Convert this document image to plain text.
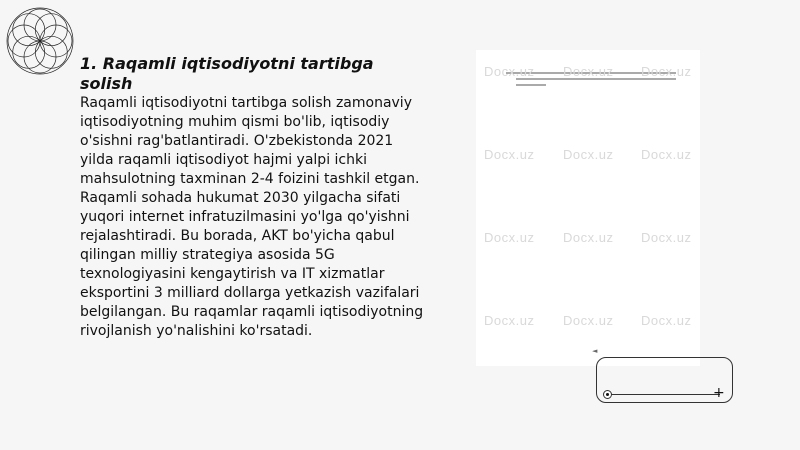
1. Raqamli iqtisodiyotni tartibga solish
Raqamli iqtisodiyotni tartibga solish zamonaviy iqtisodiyotning muhim qismi bo'lib, iqtisodiy o'sishni rag'batlantiradi. O'zbekistonda 2021 yilda raqamli iqtisodiyot hajmi yalpi ichki mahsulotning taxminan 2-4 foizini tashkil etgan. Raqamli sohada hukumat 2030 yilgacha sifati yuqori internet infratuzilmasini yo'lga qo'yishni rejalashtiradi. Bu borada, AKT bo'yicha qabul qilingan milliy strategiya asosida 5G texnologiyasini kengaytirish va IT xizmatlar eksportini 3 milliard dollarga yetkazish vazifalari belgilangan. Bu raqamlar raqamli iqtisodiyotning rivojlanish yo'nalishini ko'rsatadi.
Docx.uz Docx.uz Docx.uz
Docx.uz Docx.uz Docx.uz
Docx.uz Docx.uz Docx.uz
Docx.uz Docx.uz Docx.uz
◄
+
